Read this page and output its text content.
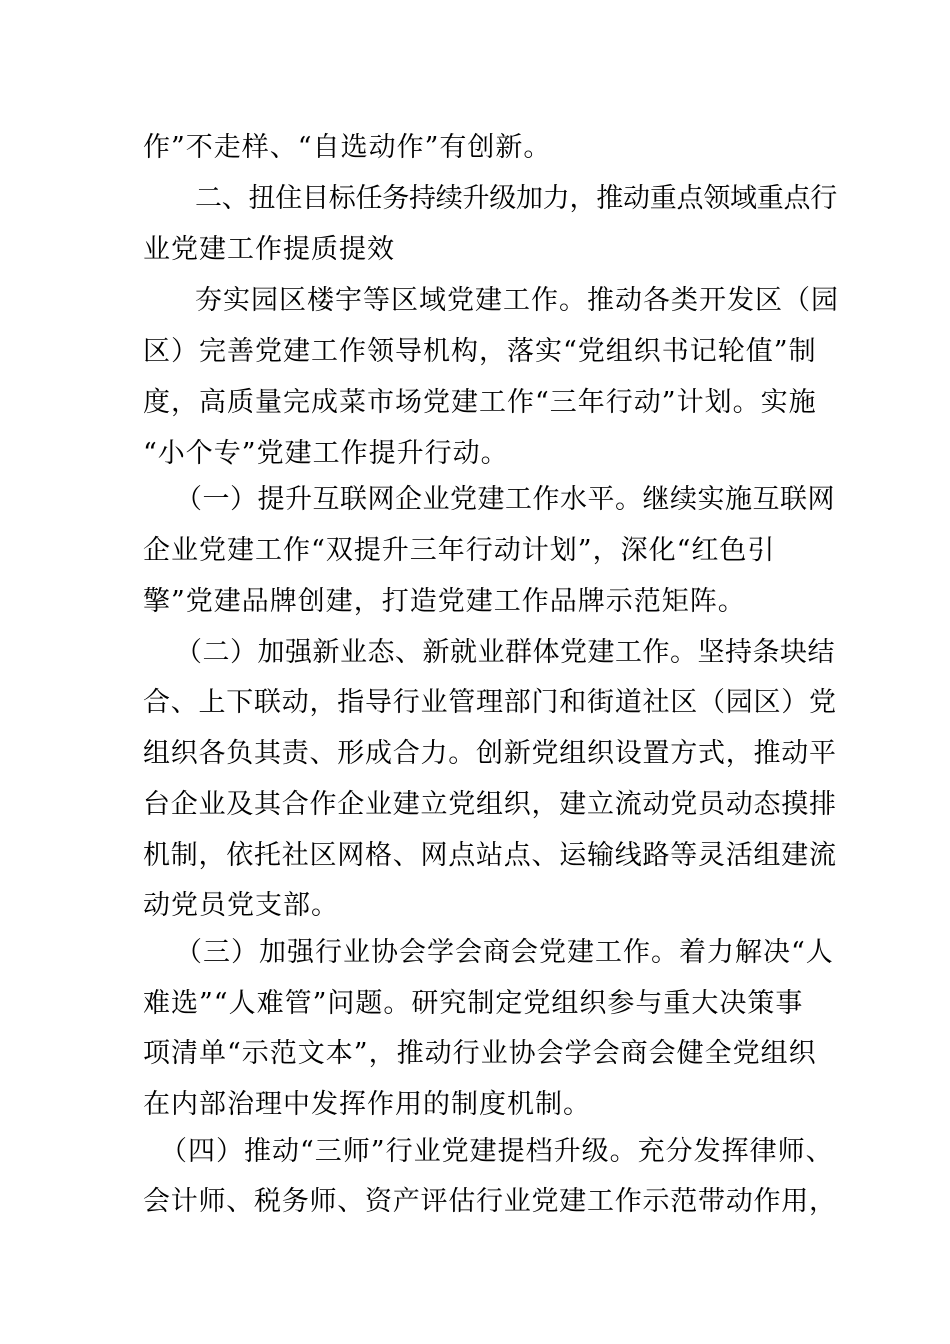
作”不走样、“自选动作”有创新。
二、扭住目标任务持续升级加力，推动重点领域重点行
业党建工作提质提效
夯实园区楼宇等区域党建工作。推动各类开发区（园
区）完善党建工作领导机构，落实“党组织书记轮值”制
度，高质量完成菜市场党建工作“三年行动”计划。实施
“小个专”党建工作提升行动。
（一）提升互联网企业党建工作水平。继续实施互联网
企业党建工作“双提升三年行动计划”，深化“红色引
擎”党建品牌创建，打造党建工作品牌示范矩阵。
（二）加强新业态、新就业群体党建工作。坚持条块结
合、上下联动，指导行业管理部门和街道社区（园区）党
组织各负其责、形成合力。创新党组织设置方式，推动平
台企业及其合作企业建立党组织，建立流动党员动态摸排
机制，依托社区网格、网点站点、运输线路等灵活组建流
动党员党支部。
（三）加强行业协会学会商会党建工作。着力解决“人
难选”“人难管”问题。研究制定党组织参与重大决策事
项清单“示范文本”，推动行业协会学会商会健全党组织
在内部治理中发挥作用的制度机制。
（四）推动“三师”行业党建提档升级。充分发挥律师、
会计师、税务师、资产评估行业党建工作示范带动作用，
